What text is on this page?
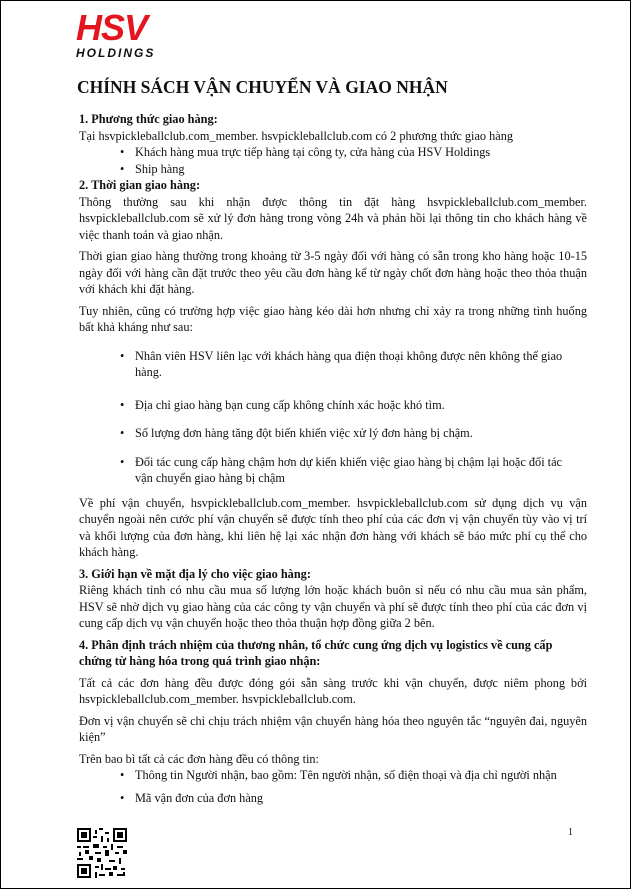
HSV
HOLDINGS
CHÍNH SÁCH VẬN CHUYỂN VÀ GIAO NHẬN

1. Phương thức giao hàng:

Tại hsvpickleballclub.com_member. hsvpickleballclub.com có 2 phương thức giao hàng

• Khách hàng mua trực tiếp hàng tại công ty, cửa hàng của HSV Holdings
• Ship hàng

2. Thời gian giao hàng:

Thông thường sau khi nhận được thông tin đặt hàng hsvpickleballclub.com_member. hsvpickleballclub.com sẽ xử lý đơn hàng trong vòng 24h và phản hồi lại thông tin cho khách hàng về việc thanh toán và giao nhận.

Thời gian giao hàng thường trong khoảng từ 3-5 ngày đối với hàng có sẵn trong kho hàng hoặc 10-15 ngày đối với hàng cần đặt trước theo yêu cầu đơn hàng kể từ ngày chốt đơn hàng hoặc theo thỏa thuận với khách khi đặt hàng.

Tuy nhiên, cũng có trường hợp việc giao hàng kéo dài hơn nhưng chỉ xảy ra trong những tình huống bất khả kháng như sau:

• Nhân viên HSV liên lạc với khách hàng qua điện thoại không được nên không thể giao hàng.
• Địa chỉ giao hàng bạn cung cấp không chính xác hoặc khó tìm.
• Số lượng đơn hàng tăng đột biến khiến việc xử lý đơn hàng bị chậm.
• Đối tác cung cấp hàng chậm hơn dự kiến khiến việc giao hàng bị chậm lại hoặc đối tác vận chuyển giao hàng bị chậm

Về phí vận chuyển, hsvpickleballclub.com_member. hsvpickleballclub.com sử dụng dịch vụ vận chuyển ngoài nên cước phí vận chuyển sẽ được tính theo phí của các đơn vị vận chuyển tùy vào vị trí và khối lượng của đơn hàng, khi liên hệ lại xác nhận đơn hàng với khách sẽ báo mức phí cụ thể cho khách hàng.

3. Giới hạn về mặt địa lý cho việc giao hàng:

Riêng khách tỉnh có nhu cầu mua số lượng lớn hoặc khách buôn sỉ nếu có nhu cầu mua sản phẩm, HSV sẽ nhờ dịch vụ giao hàng của các công ty vận chuyển và phí sẽ được tính theo phí của các đơn vị cung cấp dịch vụ vận chuyển hoặc theo thỏa thuận hợp đồng giữa 2 bên.

4. Phân định trách nhiệm của thương nhân, tổ chức cung ứng dịch vụ logistics về cung cấp chứng từ hàng hóa trong quá trình giao nhận:

Tất cả các đơn hàng đều được đóng gói sẵn sàng trước khi vận chuyển, được niêm phong bởi hsvpickleballclub.com_member. hsvpickleballclub.com.

Đơn vị vận chuyển sẽ chỉ chịu trách nhiệm vận chuyển hàng hóa theo nguyên tắc “nguyên đai, nguyên kiện”

Trên bao bì tất cả các đơn hàng đều có thông tin:

• Thông tin Người nhận, bao gồm: Tên người nhận, số điện thoại và địa chỉ người nhận
• Mã vận đơn của đơn hàng
1
